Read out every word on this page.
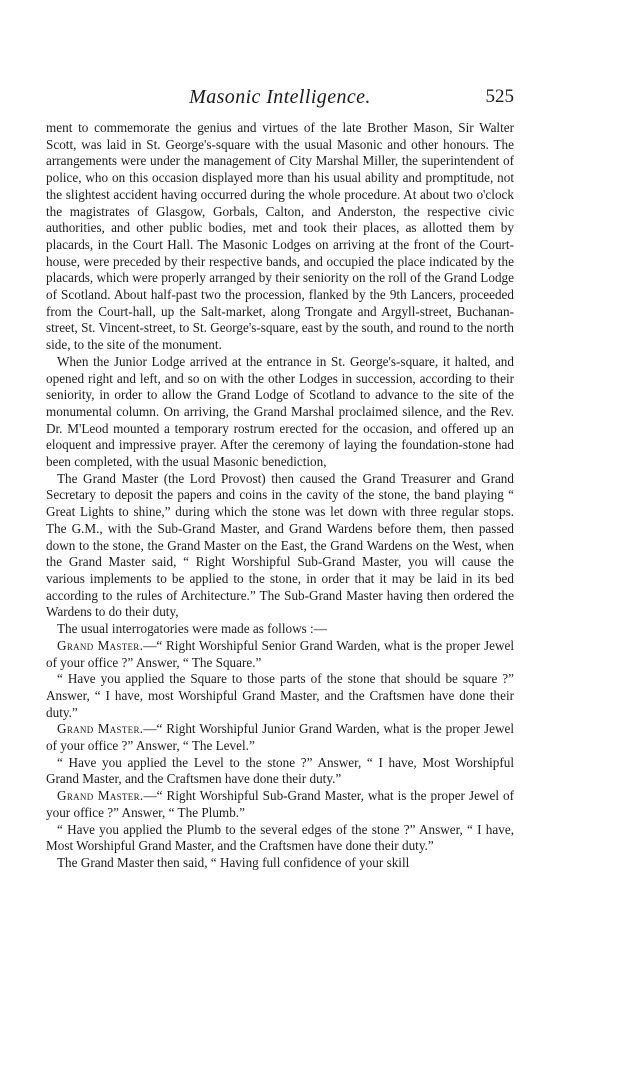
Masonic Intelligence.	525

ment to commemorate the genius and virtues of the late Brother Mason, Sir Walter Scott, was laid in St. George's-square with the usual Masonic and other honours. The arrangements were under the management of City Marshal Miller, the superintendent of police, who on this occasion displayed more than his usual ability and promptitude, not the slightest accident having occurred during the whole procedure. At about two o'clock the magistrates of Glasgow, Gorbals, Calton, and Anderston, the respective civic authorities, and other public bodies, met and took their places, as allotted them by placards, in the Court Hall. The Masonic Lodges on arriving at the front of the Court-house, were preceded by their respective bands, and occupied the place indicated by the placards, which were properly arranged by their seniority on the roll of the Grand Lodge of Scotland. About half-past two the procession, flanked by the 9th Lancers, proceeded from the Court-hall, up the Salt-market, along Trongate and Argyll-street, Buchanan-street, St. Vincent-street, to St. George's-square, east by the south, and round to the north side, to the site of the monument.

When the Junior Lodge arrived at the entrance in St. George's-square, it halted, and opened right and left, and so on with the other Lodges in succession, according to their seniority, in order to allow the Grand Lodge of Scotland to advance to the site of the monumental column. On arriving, the Grand Marshal proclaimed silence, and the Rev. Dr. M'Leod mounted a temporary rostrum erected for the occasion, and offered up an eloquent and impressive prayer. After the ceremony of laying the foundation-stone had been completed, with the usual Masonic benediction,

The Grand Master (the Lord Provost) then caused the Grand Treasurer and Grand Secretary to deposit the papers and coins in the cavity of the stone, the band playing “ Great Lights to shine,” during which the stone was let down with three regular stops. The G.M., with the Sub-Grand Master, and Grand Wardens before them, then passed down to the stone, the Grand Master on the East, the Grand Wardens on the West, when the Grand Master said, “ Right Worshipful Sub-Grand Master, you will cause the various implements to be applied to the stone, in order that it may be laid in its bed according to the rules of Architecture.” The Sub-Grand Master having then ordered the Wardens to do their duty,

The usual interrogatories were made as follows :—

Grand Master.—“ Right Worshipful Senior Grand Warden, what is the proper Jewel of your office ?” Answer, “ The Square.”

“ Have you applied the Square to those parts of the stone that should be square ?” Answer, “ I have, most Worshipful Grand Master, and the Craftsmen have done their duty.”

Grand Master.—“ Right Worshipful Junior Grand Warden, what is the proper Jewel of your office ?” Answer, “ The Level.”

“ Have you applied the Level to the stone ?” Answer, “ I have, Most Worshipful Grand Master, and the Craftsmen have done their duty.”

Grand Master.—“ Right Worshipful Sub-Grand Master, what is the proper Jewel of your office ?” Answer, “ The Plumb.”

“ Have you applied the Plumb to the several edges of the stone ?” Answer, “ I have, Most Worshipful Grand Master, and the Craftsmen have done their duty.”

The Grand Master then said, “ Having full confidence of your skill
